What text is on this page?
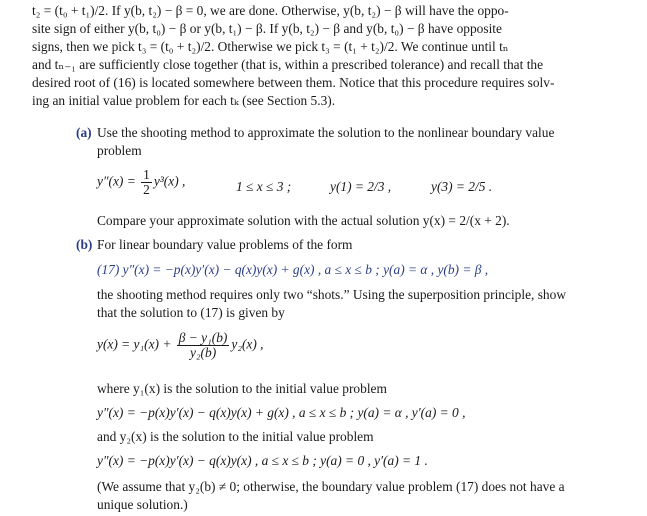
t₂ = (t₀ + t₁)/2. If y(b, t₂) − β = 0, we are done. Otherwise, y(b, t₂) − β will have the oppo-
site sign of either y(b, t₀) − β or y(b, t₁) − β. If y(b, t₂) − β and y(b, t₀) − β have opposite
signs, then we pick t₃ = (t₀ + t₂)/2. Otherwise we pick t₃ = (t₁ + t₂)/2. We continue until tₙ
and tₙ₋₁ are sufficiently close together (that is, within a prescribed tolerance) and recall that the
desired root of (16) is located somewhere between them. Notice that this procedure requires solv-
ing an initial value problem for each tₖ (see Section 5.3).
(a) Use the shooting method to approximate the solution to the nonlinear boundary value
problem
$y''(x) = \frac{1}{2} y^3(x)$ ,	1 ≤ x ≤ 3 ;	y(1) = 2/3 ,	y(3) = 2/5 .
Compare your approximate solution with the actual solution y(x) = 2/(x + 2).
(b) For linear boundary value problems of the form
(17) y″(x) = −p(x)y′(x) − q(x)y(x) + g(x) , a ≤ x ≤ b ; y(a) = α , y(b) = β ,
the shooting method requires only two “shots.” Using the superposition principle, show
that the solution to (17) is given by
$y(x) = y_1(x) + \frac{\text{β − y₁(b)}}{\text{y₂(b)}} y_2(x)$ ,
where y₁(x) is the solution to the initial value problem
y″(x) = −p(x)y′(x) − q(x)y(x) + g(x) , a ≤ x ≤ b ; y(a) = α , y′(a) = 0 ,
and y₂(x) is the solution to the initial value problem
y″(x) = −p(x)y′(x) − q(x)y(x) , a ≤ x ≤ b ; y(a) = 0 , y′(a) = 1 .
(We assume that y₂(b) ≠ 0; otherwise, the boundary value problem (17) does not have a
unique solution.)
